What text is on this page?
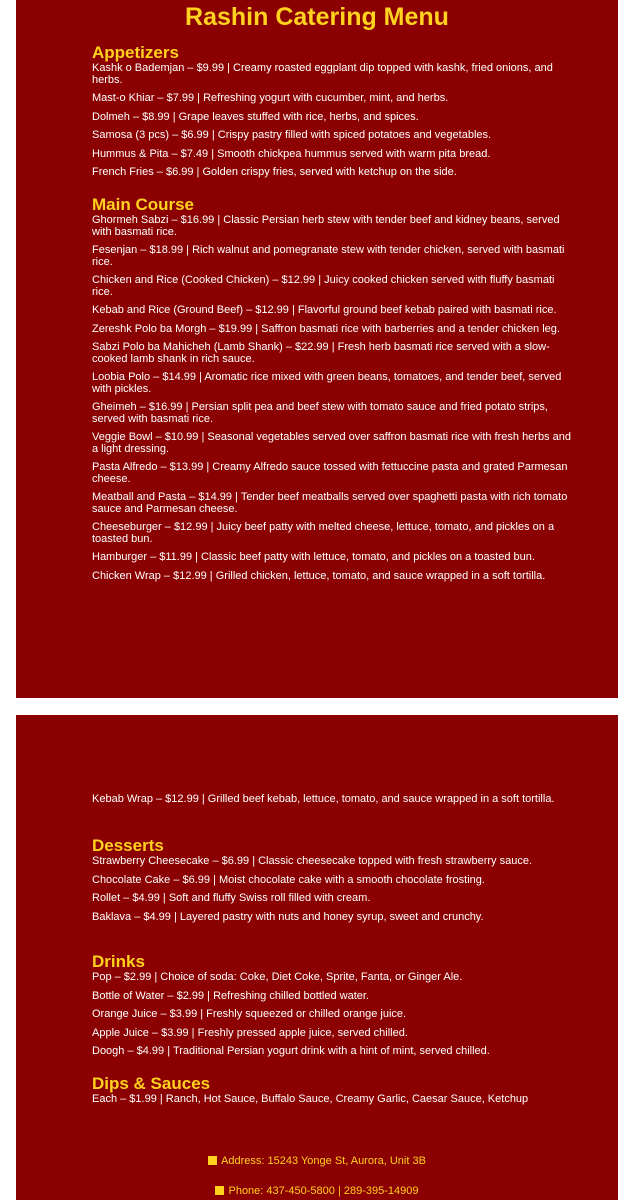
Rashin Catering Menu
Appetizers

Kashk o Bademjan – $9.99 | Creamy roasted eggplant dip topped with kashk, fried onions, and herbs.

Mast-o Khiar – $7.99 | Refreshing yogurt with cucumber, mint, and herbs.

Dolmeh – $8.99 | Grape leaves stuffed with rice, herbs, and spices.

Samosa (3 pcs) – $6.99 | Crispy pastry filled with spiced potatoes and vegetables.

Hummus & Pita – $7.49 | Smooth chickpea hummus served with warm pita bread.

French Fries – $6.99 | Golden crispy fries, served with ketchup on the side.

Main Course

Ghormeh Sabzi – $16.99 | Classic Persian herb stew with tender beef and kidney beans, served with basmati rice.

Fesenjan – $18.99 | Rich walnut and pomegranate stew with tender chicken, served with basmati rice.

Chicken and Rice (Cooked Chicken) – $12.99 | Juicy cooked chicken served with fluffy basmati rice.

Kebab and Rice (Ground Beef) – $12.99 | Flavorful ground beef kebab paired with basmati rice.

Zereshk Polo ba Morgh – $19.99 | Saffron basmati rice with barberries and a tender chicken leg.

Sabzi Polo ba Mahicheh (Lamb Shank) – $22.99 | Fresh herb basmati rice served with a slow-cooked lamb shank in rich sauce.

Loobia Polo – $14.99 | Aromatic rice mixed with green beans, tomatoes, and tender beef, served with pickles.

Gheimeh – $16.99 | Persian split pea and beef stew with tomato sauce and fried potato strips, served with basmati rice.

Veggie Bowl – $10.99 | Seasonal vegetables served over saffron basmati rice with fresh herbs and a light dressing.

Pasta Alfredo – $13.99 | Creamy Alfredo sauce tossed with fettuccine pasta and grated Parmesan cheese.

Meatball and Pasta – $14.99 | Tender beef meatballs served over spaghetti pasta with rich tomato sauce and Parmesan cheese.

Cheeseburger – $12.99 | Juicy beef patty with melted cheese, lettuce, tomato, and pickles on a toasted bun.

Hamburger – $11.99 | Classic beef patty with lettuce, tomato, and pickles on a toasted bun.

Chicken Wrap – $12.99 | Grilled chicken, lettuce, tomato, and sauce wrapped in a soft tortilla.

Kebab Wrap – $12.99 | Grilled beef kebab, lettuce, tomato, and sauce wrapped in a soft tortilla.

Desserts

Strawberry Cheesecake – $6.99 | Classic cheesecake topped with fresh strawberry sauce.

Chocolate Cake – $6.99 | Moist chocolate cake with a smooth chocolate frosting.

Rollet – $4.99 | Soft and fluffy Swiss roll filled with cream.

Baklava – $4.99 | Layered pastry with nuts and honey syrup, sweet and crunchy.

Drinks

Pop – $2.99 | Choice of soda: Coke, Diet Coke, Sprite, Fanta, or Ginger Ale.

Bottle of Water – $2.99 | Refreshing chilled bottled water.

Orange Juice – $3.99 | Freshly squeezed or chilled orange juice.

Apple Juice – $3.99 | Freshly pressed apple juice, served chilled.

Doogh – $4.99 | Traditional Persian yogurt drink with a hint of mint, served chilled.

Dips & Sauces

Each – $1.99 | Ranch, Hot Sauce, Buffalo Sauce, Creamy Garlic, Caesar Sauce, Ketchup

Address: 15243 Yonge St, Aurora, Unit 3B
Phone: 437-450-5800 | 289-395-14909
